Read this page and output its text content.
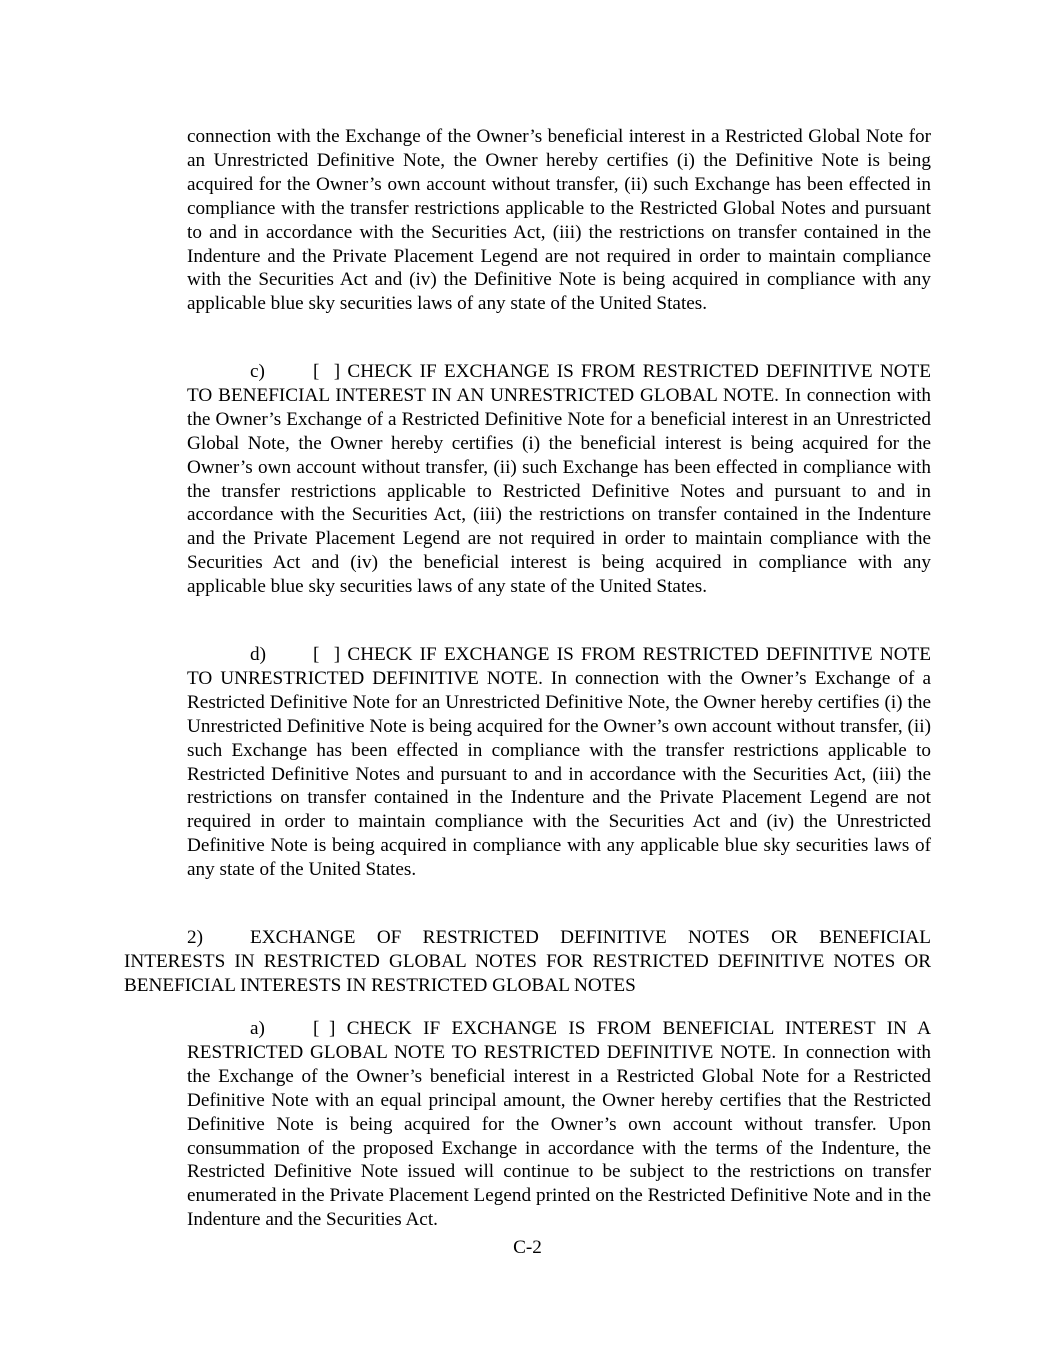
connection with the Exchange of the Owner’s beneficial interest in a Restricted Global Note for an Unrestricted Definitive Note, the Owner hereby certifies (i) the Definitive Note is being acquired for the Owner’s own account without transfer, (ii) such Exchange has been effected in compliance with the transfer restrictions applicable to the Restricted Global Notes and pursuant to and in accordance with the Securities Act, (iii) the restrictions on transfer contained in the Indenture and the Private Placement Legend are not required in order to maintain compliance with the Securities Act and (iv) the Definitive Note is being acquired in compliance with any applicable blue sky securities laws of any state of the United States.

c)	[   ] CHECK IF EXCHANGE IS FROM RESTRICTED DEFINITIVE NOTE TO BENEFICIAL INTEREST IN AN UNRESTRICTED GLOBAL NOTE. In connection with the Owner’s Exchange of a Restricted Definitive Note for a beneficial interest in an Unrestricted Global Note, the Owner hereby certifies (i) the beneficial interest is being acquired for the Owner’s own account without transfer, (ii) such Exchange has been effected in compliance with the transfer restrictions applicable to Restricted Definitive Notes and pursuant to and in accordance with the Securities Act, (iii) the restrictions on transfer contained in the Indenture and the Private Placement Legend are not required in order to maintain compliance with the Securities Act and (iv) the beneficial interest is being acquired in compliance with any applicable blue sky securities laws of any state of the United States.

d) [   ] CHECK IF EXCHANGE IS FROM RESTRICTED DEFINITIVE NOTE TO UNRESTRICTED DEFINITIVE NOTE. In connection with the Owner’s Exchange of a Restricted Definitive Note for an Unrestricted Definitive Note, the Owner hereby certifies (i) the Unrestricted Definitive Note is being acquired for the Owner’s own account without transfer, (ii) such Exchange has been effected in compliance with the transfer restrictions applicable to Restricted Definitive Notes and pursuant to and in accordance with the Securities Act, (iii) the restrictions on transfer contained in the Indenture and the Private Placement Legend are not required in order to maintain compliance with the Securities Act and (iv) the Unrestricted Definitive Note is being acquired in compliance with any applicable blue sky securities laws of any state of the United States.

2) EXCHANGE OF RESTRICTED DEFINITIVE NOTES OR BENEFICIAL INTERESTS IN RESTRICTED GLOBAL NOTES FOR RESTRICTED DEFINITIVE NOTES OR BENEFICIAL INTERESTS IN RESTRICTED GLOBAL NOTES

a)	[  ] CHECK IF EXCHANGE IS FROM BENEFICIAL INTEREST IN A RESTRICTED GLOBAL NOTE TO RESTRICTED DEFINITIVE NOTE. In connection with the Exchange of the Owner’s beneficial interest in a Restricted Global Note for a Restricted Definitive Note with an equal principal amount, the Owner hereby certifies that the Restricted Definitive Note is being acquired for the Owner’s own account without transfer. Upon consummation of the proposed Exchange in accordance with the terms of the Indenture, the Restricted Definitive Note issued will continue to be subject to the restrictions on transfer enumerated in the Private Placement Legend printed on the Restricted Definitive Note and in the Indenture and the Securities Act.

C-2
